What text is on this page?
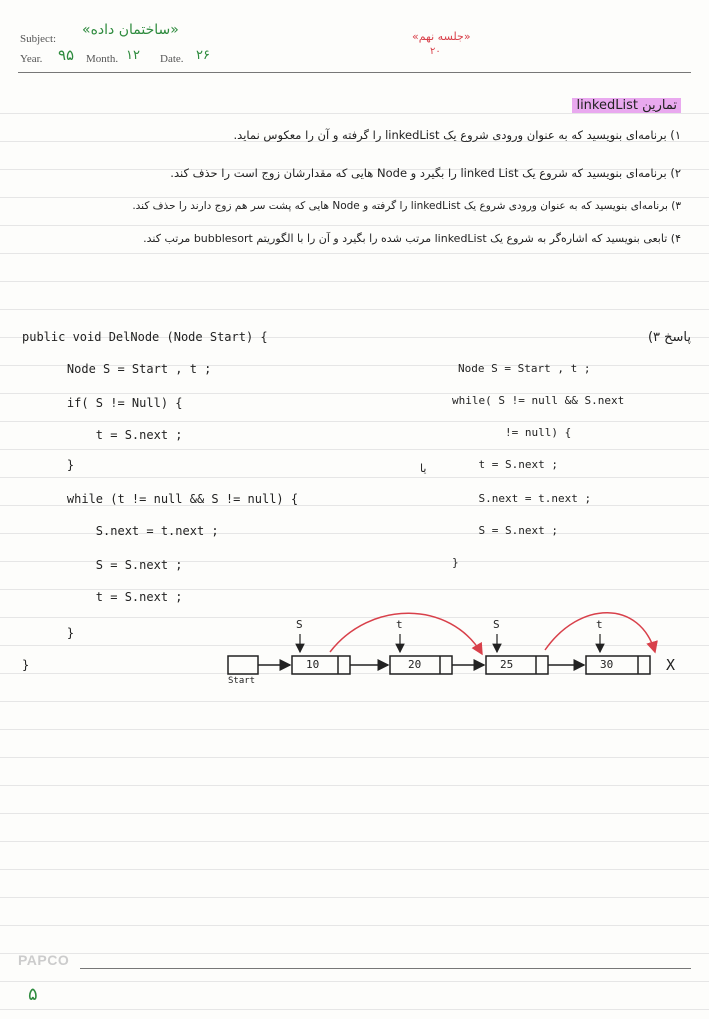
Subject:
«ساختمان داده»
Year. ۹۵ Month. ۱۲ Date. ۲۶
«جلسه نهم»
۲۰
تمارین linkedList
۱) برنامه‌ای بنویسید که به عنوان ورودی شروع یک linkedList را گرفته و آن را معکوس نماید.
۲) برنامه‌ای بنویسید که شروع یک linked List را بگیرد و Node هایی که مقدارشان زوج است را حذف کند.
۳) برنامه‌ای بنویسید که به عنوان ورودی شروع یک linkedList را گرفته و Node هایی که پشت سر هم زوج دارند را حذف کند.
۴) تابعی بنویسید که اشاره‌گر به شروع یک linkedList مرتب شده را بگیرد و آن را با الگوریتم bubblesort مرتب کند.
پاسخ ۳)
public void DelNode (Node Start) {
Node S = Start , t ;
if( S != Null) {
t = S.next ;
}
while (t != null && S != null) {
S.next = t.next ;
S = S.next ;
t = S.next ;
}
}
یا
Node S = Start , t ;
while( S != null && S.next
!= null) {
t = S.next ;
S.next = t.next ;
S = S.next ;
}
Start
10	20	25	30
S	t	S	t
X
PAPCO
۵
